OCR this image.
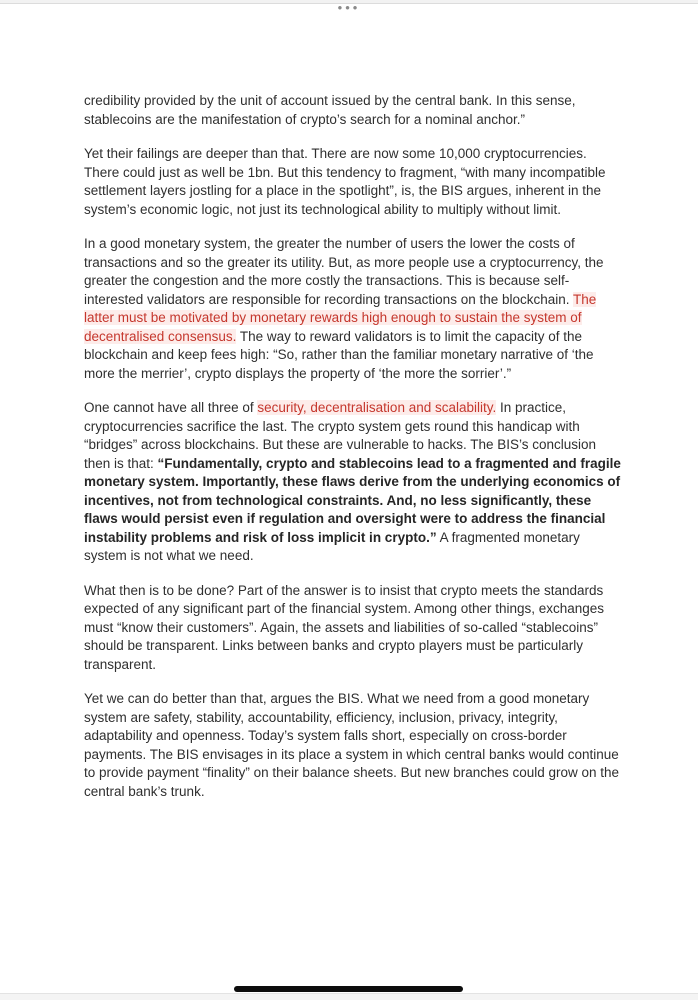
•••

credibility provided by the unit of account issued by the central bank. In this sense, stablecoins are the manifestation of crypto’s search for a nominal anchor.”

Yet their failings are deeper than that. There are now some 10,000 cryptocurrencies. There could just as well be 1bn. But this tendency to fragment, “with many incompatible settlement layers jostling for a place in the spotlight”, is, the BIS argues, inherent in the system’s economic logic, not just its technological ability to multiply without limit.

In a good monetary system, the greater the number of users the lower the costs of transactions and so the greater its utility. But, as more people use a cryptocurrency, the greater the congestion and the more costly the transactions. This is because self-interested validators are responsible for recording transactions on the blockchain. The latter must be motivated by monetary rewards high enough to sustain the system of decentralised consensus. The way to reward validators is to limit the capacity of the blockchain and keep fees high: “So, rather than the familiar monetary narrative of ‘the more the merrier’, crypto displays the property of ‘the more the sorrier’.”

One cannot have all three of security, decentralisation and scalability. In practice, cryptocurrencies sacrifice the last. The crypto system gets round this handicap with “bridges” across blockchains. But these are vulnerable to hacks. The BIS’s conclusion then is that: “Fundamentally, crypto and stablecoins lead to a fragmented and fragile monetary system. Importantly, these flaws derive from the underlying economics of incentives, not from technological constraints. And, no less significantly, these flaws would persist even if regulation and oversight were to address the financial instability problems and risk of loss implicit in crypto.” A fragmented monetary system is not what we need.

What then is to be done? Part of the answer is to insist that crypto meets the standards expected of any significant part of the financial system. Among other things, exchanges must “know their customers”. Again, the assets and liabilities of so-called “stablecoins” should be transparent. Links between banks and crypto players must be particularly transparent.

Yet we can do better than that, argues the BIS. What we need from a good monetary system are safety, stability, accountability, efficiency, inclusion, privacy, integrity, adaptability and openness. Today’s system falls short, especially on cross-border payments. The BIS envisages in its place a system in which central banks would continue to provide payment “finality” on their balance sheets. But new branches could grow on the central bank’s trunk.
